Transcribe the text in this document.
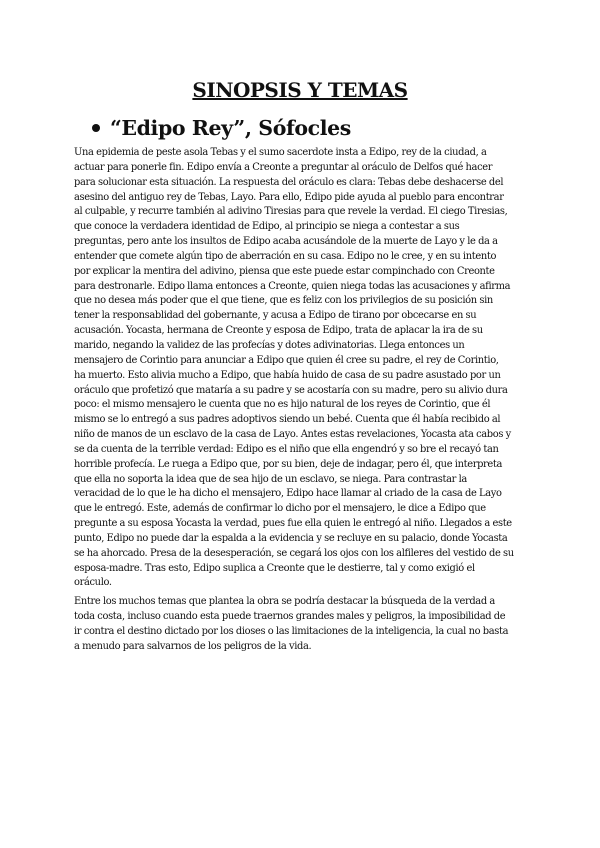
SINOPSIS Y TEMAS
“Edipo Rey”, Sófocles
Una epidemia de peste asola Tebas y el sumo sacerdote insta a Edipo, rey de la ciudad, a
actuar para ponerle fin. Edipo envía a Creonte a preguntar al oráculo de Delfos qué hacer
para solucionar esta situación. La respuesta del oráculo es clara: Tebas debe deshacerse del
asesino del antiguo rey de Tebas, Layo. Para ello, Edipo pide ayuda al pueblo para encontrar
al culpable, y recurre también al adivino Tiresias para que revele la verdad. El ciego Tiresias,
que conoce la verdadera identidad de Edipo, al principio se niega a contestar a sus
preguntas, pero ante los insultos de Edipo acaba acusándole de la muerte de Layo y le da a
entender que comete algún tipo de aberración en su casa. Edipo no le cree, y en su intento
por explicar la mentira del adivino, piensa que este puede estar compinchado con Creonte
para destronarle. Edipo llama entonces a Creonte, quien niega todas las acusaciones y afirma
que no desea más poder que el que tiene, que es feliz con los privilegios de su posición sin
tener la responsablidad del gobernante, y acusa a Edipo de tirano por obcecarse en su
acusación. Yocasta, hermana de Creonte y esposa de Edipo, trata de aplacar la ira de su
marido, negando la validez de las profecías y dotes adivinatorias. Llega entonces un
mensajero de Corintio para anunciar a Edipo que quien él cree su padre, el rey de Corintio,
ha muerto. Esto alivia mucho a Edipo, que había huido de casa de su padre asustado por un
oráculo que profetizó que mataría a su padre y se acostaría con su madre, pero su alivio dura
poco: el mismo mensajero le cuenta que no es hijo natural de los reyes de Corintio, que él
mismo se lo entregó a sus padres adoptivos siendo un bebé. Cuenta que él había recibido al
niño de manos de un esclavo de la casa de Layo. Antes estas revelaciones, Yocasta ata cabos y
se da cuenta de la terrible verdad: Edipo es el niño que ella engendró y so bre el recayó tan
horrible profecía. Le ruega a Edipo que, por su bien, deje de indagar, pero él, que interpreta
que ella no soporta la idea que de sea hijo de un esclavo, se niega. Para contrastar la
veracidad de lo que le ha dicho el mensajero, Edipo hace llamar al criado de la casa de Layo
que le entregó. Este, además de confirmar lo dicho por el mensajero, le dice a Edipo que
pregunte a su esposa Yocasta la verdad, pues fue ella quien le entregó al niño. Llegados a este
punto, Edipo no puede dar la espalda a la evidencia y se recluye en su palacio, donde Yocasta
se ha ahorcado. Presa de la desesperación, se cegará los ojos con los alfileres del vestido de su
esposa-madre. Tras esto, Edipo suplica a Creonte que le destierre, tal y como exigió el
oráculo.
Entre los muchos temas que plantea la obra se podría destacar la búsqueda de la verdad a
toda costa, incluso cuando esta puede traernos grandes males y peligros, la imposibilidad de
ir contra el destino dictado por los dioses o las limitaciones de la inteligencia, la cual no basta
a menudo para salvarnos de los peligros de la vida.
